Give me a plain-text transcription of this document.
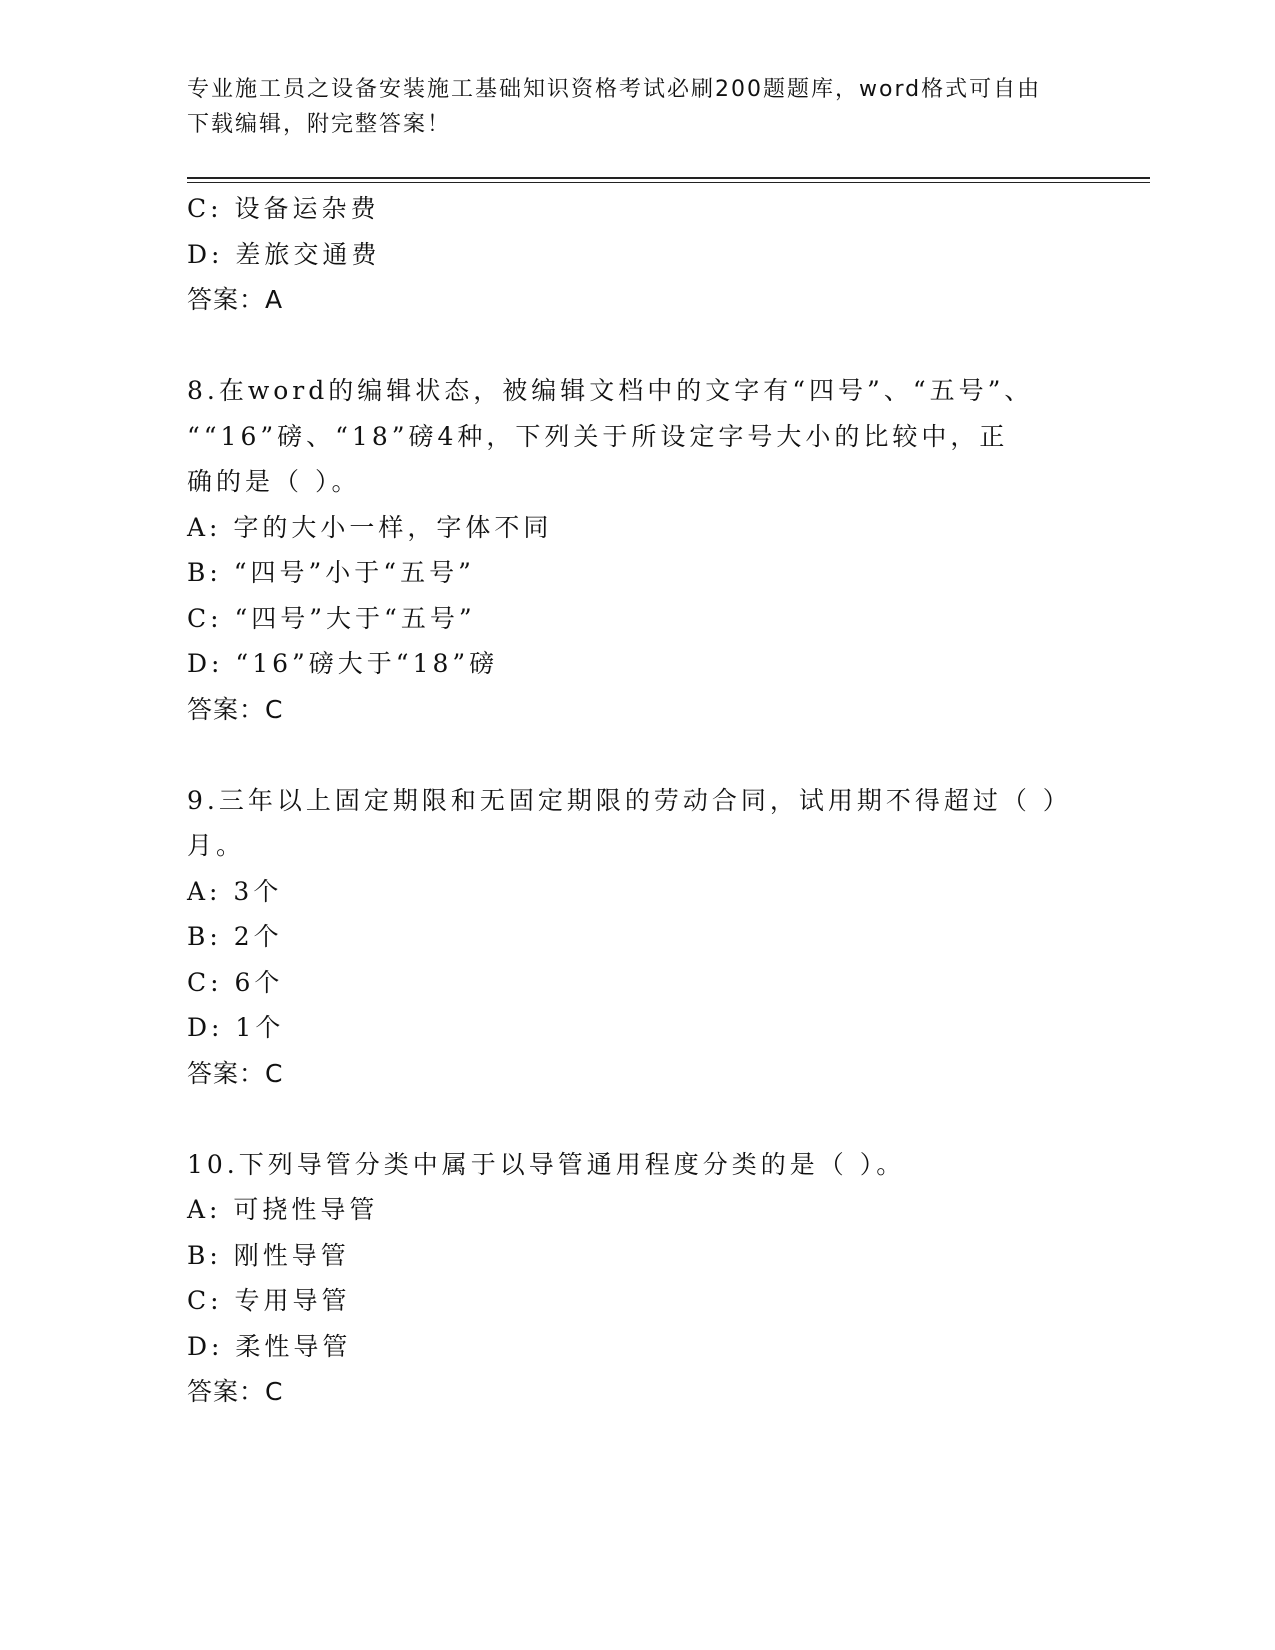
专业施工员之设备安装施工基础知识资格考试必刷200题题库，word格式可自由
下载编辑，附完整答案！
C: 设备运杂费
D: 差旅交通费
答案：A
8.在word的编辑状态，被编辑文档中的文字有“四号”、“五号”、
““16”磅、“18”磅4种，下列关于所设定字号大小的比较中，正
确的是（ ）。
A: 字的大小一样，字体不同
B: “四号”小于“五号”
C: “四号”大于“五号”
D: “16”磅大于“18”磅
答案：C
9.三年以上固定期限和无固定期限的劳动合同，试用期不得超过（ ）
月。
A: 3个
B: 2个
C: 6个
D: 1个
答案：C
10.下列导管分类中属于以导管通用程度分类的是（ ）。
A: 可挠性导管
B: 刚性导管
C: 专用导管
D: 柔性导管
答案：C
